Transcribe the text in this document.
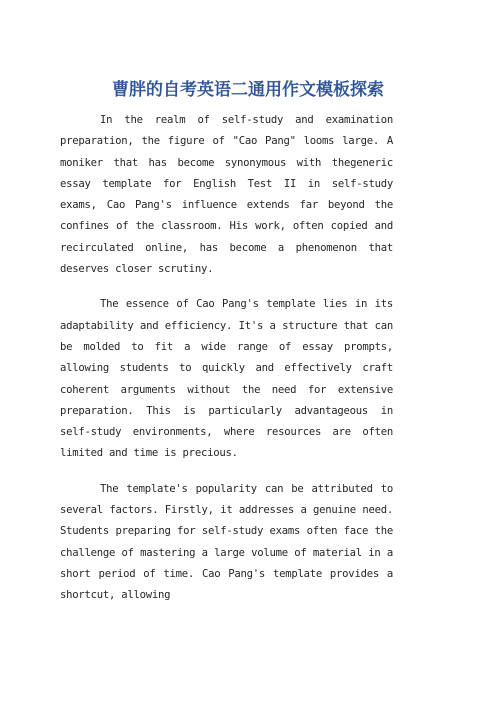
曹胖的自考英语二通用作文模板探索

In the realm of self-study and examination preparation, the figure of "Cao Pang" looms large. A moniker that has become synonymous with thegeneric essay template for English Test II in self-study exams, Cao Pang's influence extends far beyond the confines of the classroom. His work, often copied and recirculated online, has become a phenomenon that deserves closer scrutiny.

The essence of Cao Pang's template lies in its adaptability and efficiency. It's a structure that can be molded to fit a wide range of essay prompts, allowing students to quickly and effectively craft coherent arguments without the need for extensive preparation. This is particularly advantageous in self-study environments, where resources are often limited and time is precious.

The template's popularity can be attributed to several factors. Firstly, it addresses a genuine need. Students preparing for self-study exams often face the challenge of mastering a large volume of material in a short period of time. Cao Pang's template provides a shortcut, allowing
